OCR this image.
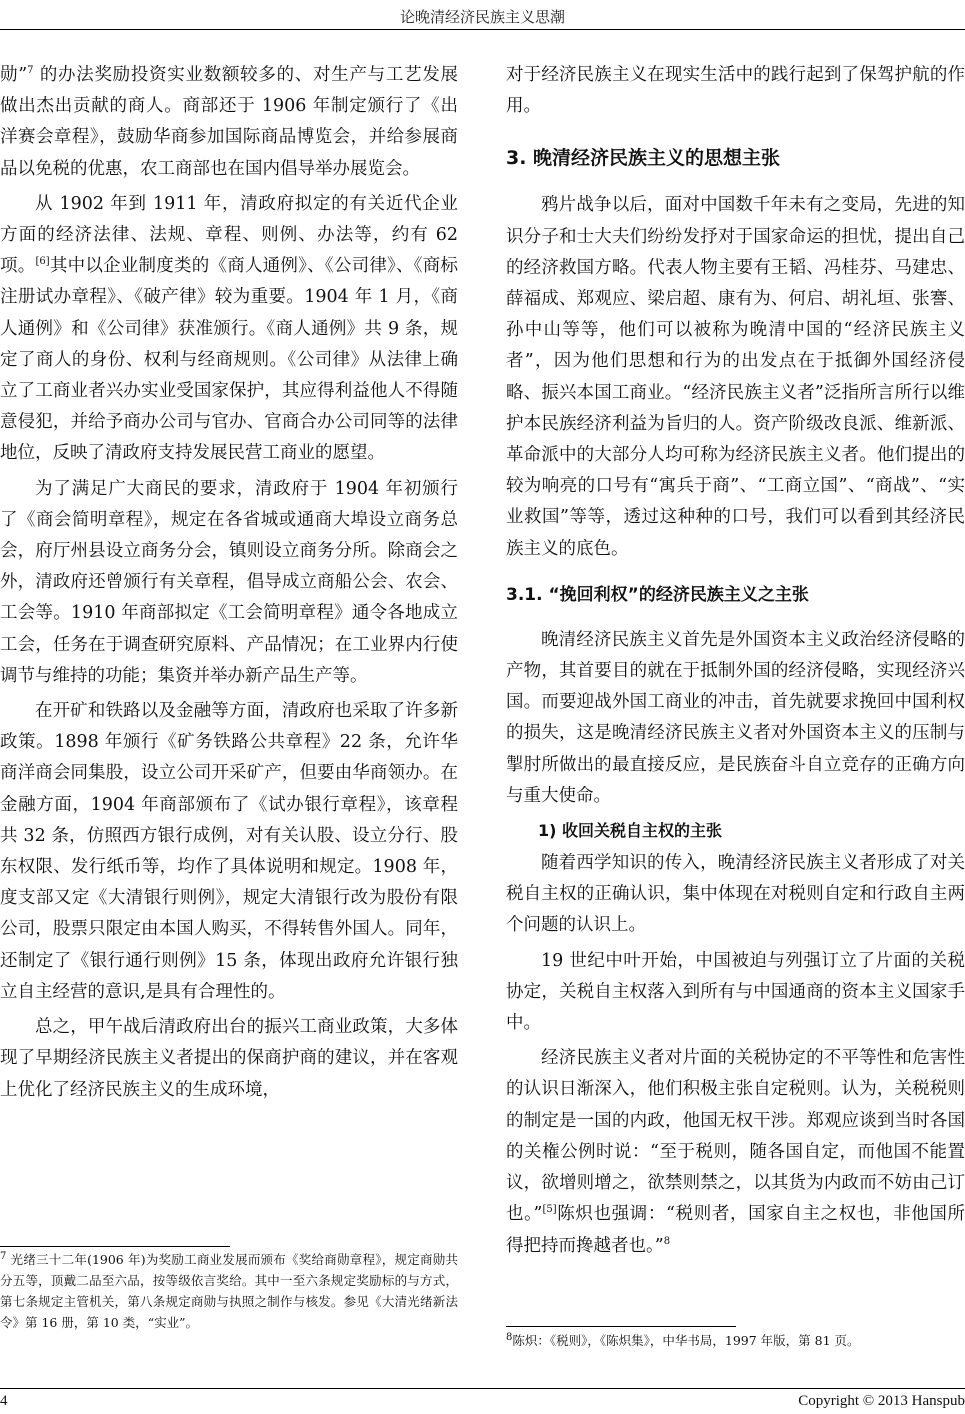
论晚清经济民族主义思潮

勋”$^7$ 的办法奖励投资实业数额较多的、对生产与工艺发展做出杰出贡献的商人。商部还于 1906 年制定颁行了《出洋赛会章程》，鼓励华商参加国际商品博览会，并给参展商品以免税的优惠，农工商部也在国内倡导举办展览会。

从 1902 年到 1911 年，清政府拟定的有关近代企业方面的经济法律、法规、章程、则例、办法等，约有 62 项。[6]其中以企业制度类的《商人通例》、《公司律》、《商标注册试办章程》、《破产律》较为重要。1904 年 1 月，《商人通例》和《公司律》获准颁行。《商人通例》共 9 条，规定了商人的身份、权利与经商规则。《公司律》从法律上确立了工商业者兴办实业受国家保护，其应得利益他人不得随意侵犯，并给予商办公司与官办、官商合办公司同等的法律地位，反映了清政府支持发展民营工商业的愿望。

为了满足广大商民的要求，清政府于 1904 年初颁行了《商会简明章程》，规定在各省城或通商大埠设立商务总会，府厅州县设立商务分会，镇则设立商务分所。除商会之外，清政府还曾颁行有关章程，倡导成立商船公会、农会、工会等。1910 年商部拟定《工会简明章程》通令各地成立工会，任务在于调查研究原料、产品情况；在工业界内行使调节与维持的功能；集资并举办新产品生产等。

在开矿和铁路以及金融等方面，清政府也采取了许多新政策。1898 年颁行《矿务铁路公共章程》22 条，允许华商洋商会同集股，设立公司开采矿产，但要由华商领办。在金融方面，1904 年商部颁布了《试办银行章程》，该章程共 32 条，仿照西方银行成例，对有关认股、设立分行、股东权限、发行纸币等，均作了具体说明和规定。1908 年，度支部又定《大清银行则例》，规定大清银行改为股份有限公司，股票只限定由本国人购买，不得转售外国人。同年，还制定了《银行通行则例》15 条，体现出政府允许银行独立自主经营的意识,是具有合理性的。

总之，甲午战后清政府出台的振兴工商业政策，大多体现了早期经济民族主义者提出的保商护商的建议，并在客观上优化了经济民族主义的生成环境，

$^7$ 光绪三十二年(1906 年)为奖励工商业发展而颁布《奖给商勋章程》，规定商勋共分五等，顶戴二品至六品，按等级依言奖给。其中一至六条规定奖励标的与方式，第七条规定主管机关，第八条规定商勋与执照之制作与核发。参见《大清光绪新法令》第 16 册，第 10 类，“实业”。

对于经济民族主义在现实生活中的践行起到了保驾护航的作用。

3. 晚清经济民族主义的思想主张

鸦片战争以后，面对中国数千年未有之变局，先进的知识分子和士大夫们纷纷发抒对于国家命运的担忧，提出自己的经济救国方略。代表人物主要有王韬、冯桂芬、马建忠、薛福成、郑观应、梁启超、康有为、何启、胡礼垣、张謇、孙中山等等，他们可以被称为晚清中国的“经济民族主义者”，因为他们思想和行为的出发点在于抵御外国经济侵略、振兴本国工商业。“经济民族主义者”泛指所言所行以维护本民族经济利益为旨归的人。资产阶级改良派、维新派、革命派中的大部分人均可称为经济民族主义者。他们提出的较为响亮的口号有“寓兵于商”、“工商立国”、“商战”、“实业救国”等等，透过这种种的口号，我们可以看到其经济民族主义的底色。

3.1. “挽回利权”的经济民族主义之主张

晚清经济民族主义首先是外国资本主义政治经济侵略的产物，其首要目的就在于抵制外国的经济侵略，实现经济兴国。而要迎战外国工商业的冲击，首先就要求挽回中国利权的损失，这是晚清经济民族主义者对外国资本主义的压制与掣肘所做出的最直接反应，是民族奋斗自立竞存的正确方向与重大使命。

1) 收回关税自主权的主张

随着西学知识的传入，晚清经济民族主义者形成了对关税自主权的正确认识，集中体现在对税则自定和行政自主两个问题的认识上。

19 世纪中叶开始，中国被迫与列强订立了片面的关税协定，关税自主权落入到所有与中国通商的资本主义国家手中。

经济民族主义者对片面的关税协定的不平等性和危害性的认识日渐深入，他们积极主张自定税则。认为，关税税则的制定是一国的内政，他国无权干涉。郑观应谈到当时各国的关権公例时说：“至于税则，随各国自定，而他国不能置议，欲增则增之，欲禁则禁之，以其货为内政而不妨由己订也。”[5]陈炽也强调：“税则者，国家自主之权也，非他国所得把持而搀越者也。”$^8$

$^8$陈炽：《税则》，《陈炽集》，中华书局，1997 年版，第 81 页。
4	Copyright © 2013 Hanspub
